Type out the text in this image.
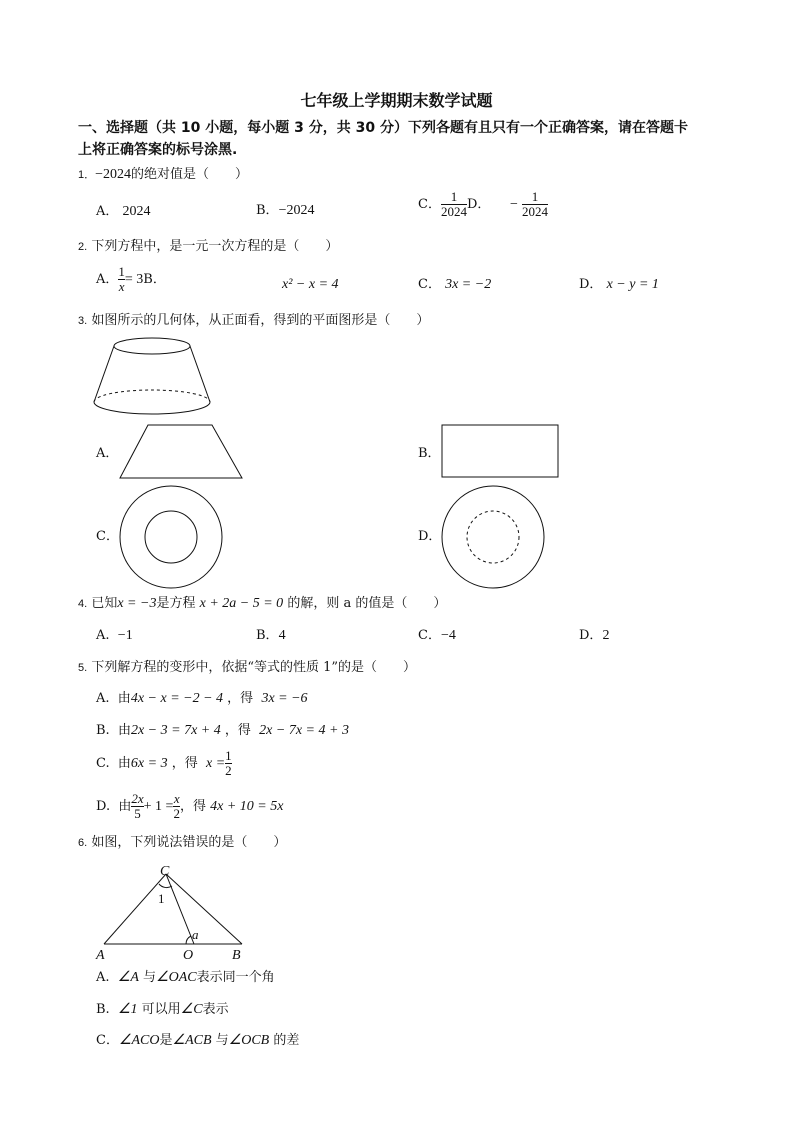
七年级上学期期末数学试题
一、选择题（共 10 小题，每小题 3 分，共 30 分）下列各题有且只有一个正确答案，请在答题卡
上将正确答案的标号涂黑.
1．−2024的绝对值是（　　）
A． 2024	B．−2024	C． $\frac{1}{2024}$ D． − $\frac{1}{2024}$
2. 下列方程中，是一元一次方程的是（　　）
A． $\frac{1}{x} = 3B$．	x² − x = 4	C． 3x = −2	D． x − y = 1
3. 如图所示的几何体，从正面看，得到的平面图形是（　　）
A．	B．
C．	D．
4. 已知x = −3是方程 x + 2a − 5 = 0 的解，则 a 的值是（　　）
A. −1	B．4	C．−4	D．2
5. 下列解方程的变形中，依据“等式的性质 1”的是（　　）
A. 由4x − x = −2 − 4 ，得 3x = −6
B. 由2x − 3 = 7x + 4 ，得 2x − 7x = 4 + 3
C. 由6x = 3 ，得 $x = \frac{1}{2}$
D. 由 $\frac{2x}{5} + 1 = \frac{x}{2}$ ，得 4x + 10 = 5x
6. 如图，下列说法错误的是（　　）
C
1
a
A	O	B
A. ∠A 与∠OAC表示同一个角
B. ∠1 可以用∠C表示
C．∠ACO是∠ACB 与∠OCB 的差
